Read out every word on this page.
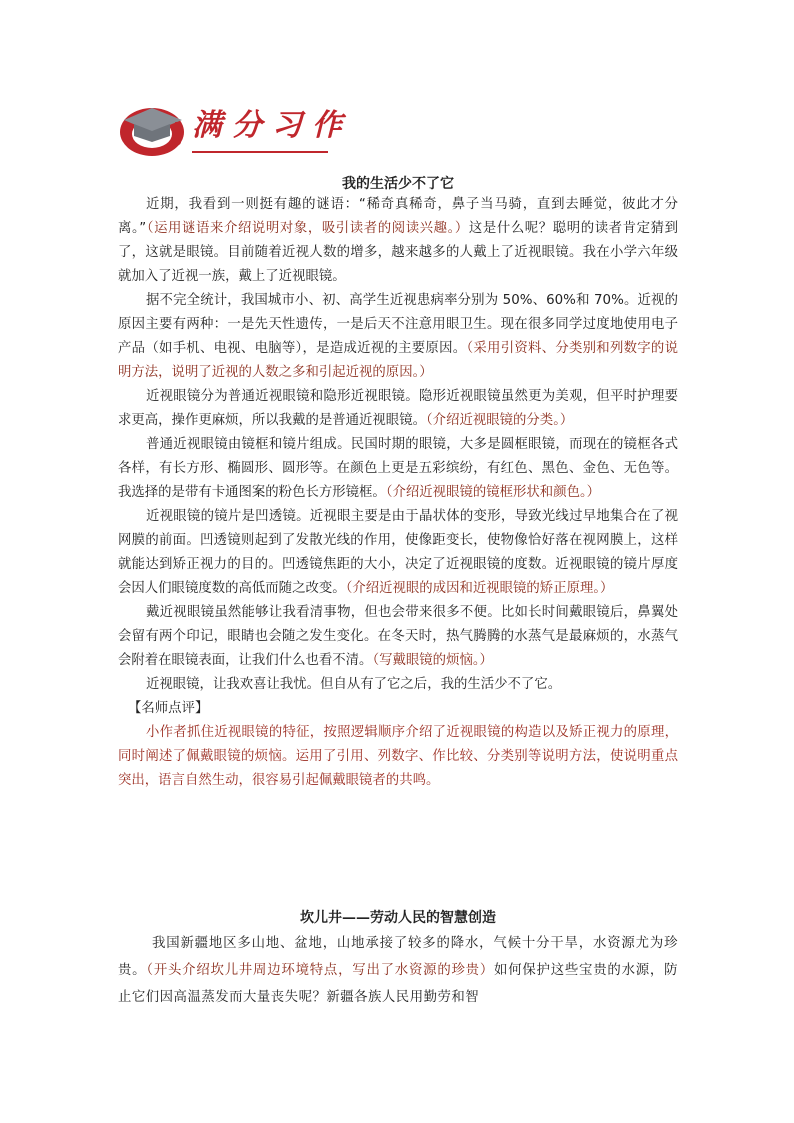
满分习作
我的生活少不了它

近期，我看到一则挺有趣的谜语：“稀奇真稀奇，鼻子当马骑，直到去睡觉，彼此才分离。”（运用谜语来介绍说明对象，吸引读者的阅读兴趣。）这是什么呢？聪明的读者肯定猜到了，这就是眼镜。目前随着近视人数的增多，越来越多的人戴上了近视眼镜。我在小学六年级就加入了近视一族，戴上了近视眼镜。

据不完全统计，我国城市小、初、高学生近视患病率分别为 50%、60%和 70%。近视的原因主要有两种：一是先天性遗传，一是后天不注意用眼卫生。现在很多同学过度地使用电子产品（如手机、电视、电脑等），是造成近视的主要原因。（采用引资料、分类别和列数字的说明方法，说明了近视的人数之多和引起近视的原因。）

近视眼镜分为普通近视眼镜和隐形近视眼镜。隐形近视眼镜虽然更为美观，但平时护理要求更高，操作更麻烦，所以我戴的是普通近视眼镜。（介绍近视眼镜的分类。）

普通近视眼镜由镜框和镜片组成。民国时期的眼镜，大多是圆框眼镜，而现在的镜框各式各样，有长方形、椭圆形、圆形等。在颜色上更是五彩缤纷，有红色、黑色、金色、无色等。我选择的是带有卡通图案的粉色长方形镜框。（介绍近视眼镜的镜框形状和颜色。）

近视眼镜的镜片是凹透镜。近视眼主要是由于晶状体的变形，导致光线过早地集合在了视网膜的前面。凹透镜则起到了发散光线的作用，使像距变长，使物像恰好落在视网膜上，这样就能达到矫正视力的目的。凹透镜焦距的大小，决定了近视眼镜的度数。近视眼镜的镜片厚度会因人们眼镜度数的高低而随之改变。（介绍近视眼的成因和近视眼镜的矫正原理。）

戴近视眼镜虽然能够让我看清事物，但也会带来很多不便。比如长时间戴眼镜后，鼻翼处会留有两个印记，眼睛也会随之发生变化。在冬天时，热气腾腾的水蒸气是最麻烦的，水蒸气会附着在眼镜表面，让我们什么也看不清。（写戴眼镜的烦恼。）

近视眼镜，让我欢喜让我忧。但自从有了它之后，我的生活少不了它。

【名师点评】

小作者抓住近视眼镜的特征，按照逻辑顺序介绍了近视眼镜的构造以及矫正视力的原理，同时阐述了佩戴眼镜的烦恼。运用了引用、列数字、作比较、分类别等说明方法，使说明重点突出，语言自然生动，很容易引起佩戴眼镜者的共鸣。

坎儿井——劳动人民的智慧创造

我国新疆地区多山地、盆地，山地承接了较多的降水，气候十分干旱，水资源尤为珍贵。（开头介绍坎儿井周边环境特点，写出了水资源的珍贵）如何保护这些宝贵的水源，防止它们因高温蒸发而大量丧失呢？新疆各族人民用勤劳和智
